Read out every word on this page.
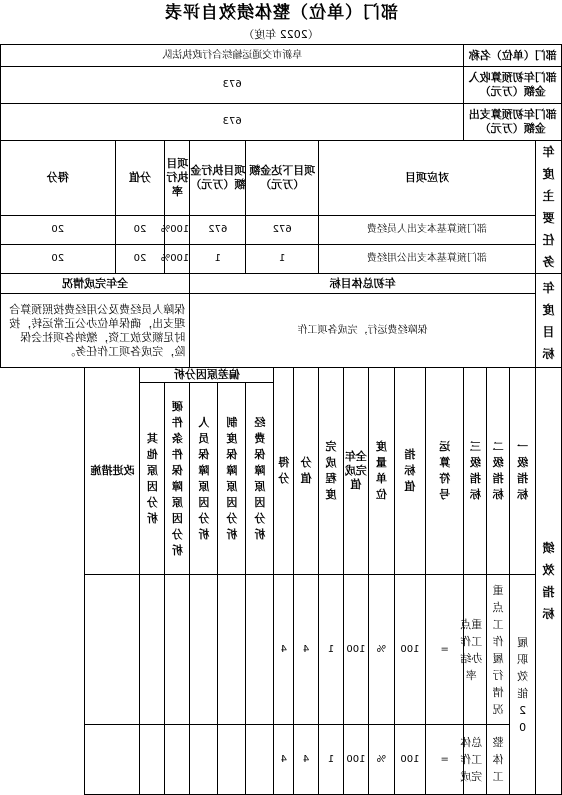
部门（单位）整体绩效自评表
（2022 年度）
部门（单位）名称				阜新市交通运输综合行政执法队													
部门年初预算收入金额（万元）				673													
部门年初预算支出金额（万元）				673													
年度主要任务	对应项目								项目下达金额（万元）			项目执行金额（万元）		项目执行率	分值		得分
	部门预算基本支出人员经费								672			672		100%	20		20
	部门预算基本支出公用经费								1			1		100%	20		20
年度目标	年初总体目标													全年完成情况			
	保障经费运行，完成各项工作													保障人员经费及公用经费按照预算合理支出，确保单位办公正常运转，按时足额发放工资，缴纳各项社会保险，完成各项工作任务。			
绩效指标	一级指标	二级指标	三级指标	运算符号	指标值	度量单位	全年完成值	完成程度	分值	得分	偏差原因分析					改进措施	
											经费保障原因分析	制度保障原因分析	人员保障原因分析	硬件条件保障原因分析	其他原因分析		
	履职效能20	重点工作履行情况	重点工作办结率	=	100	%	100	1	4	4							
		整体工	总体工作完成	=	100	%	100	1	4	4							
